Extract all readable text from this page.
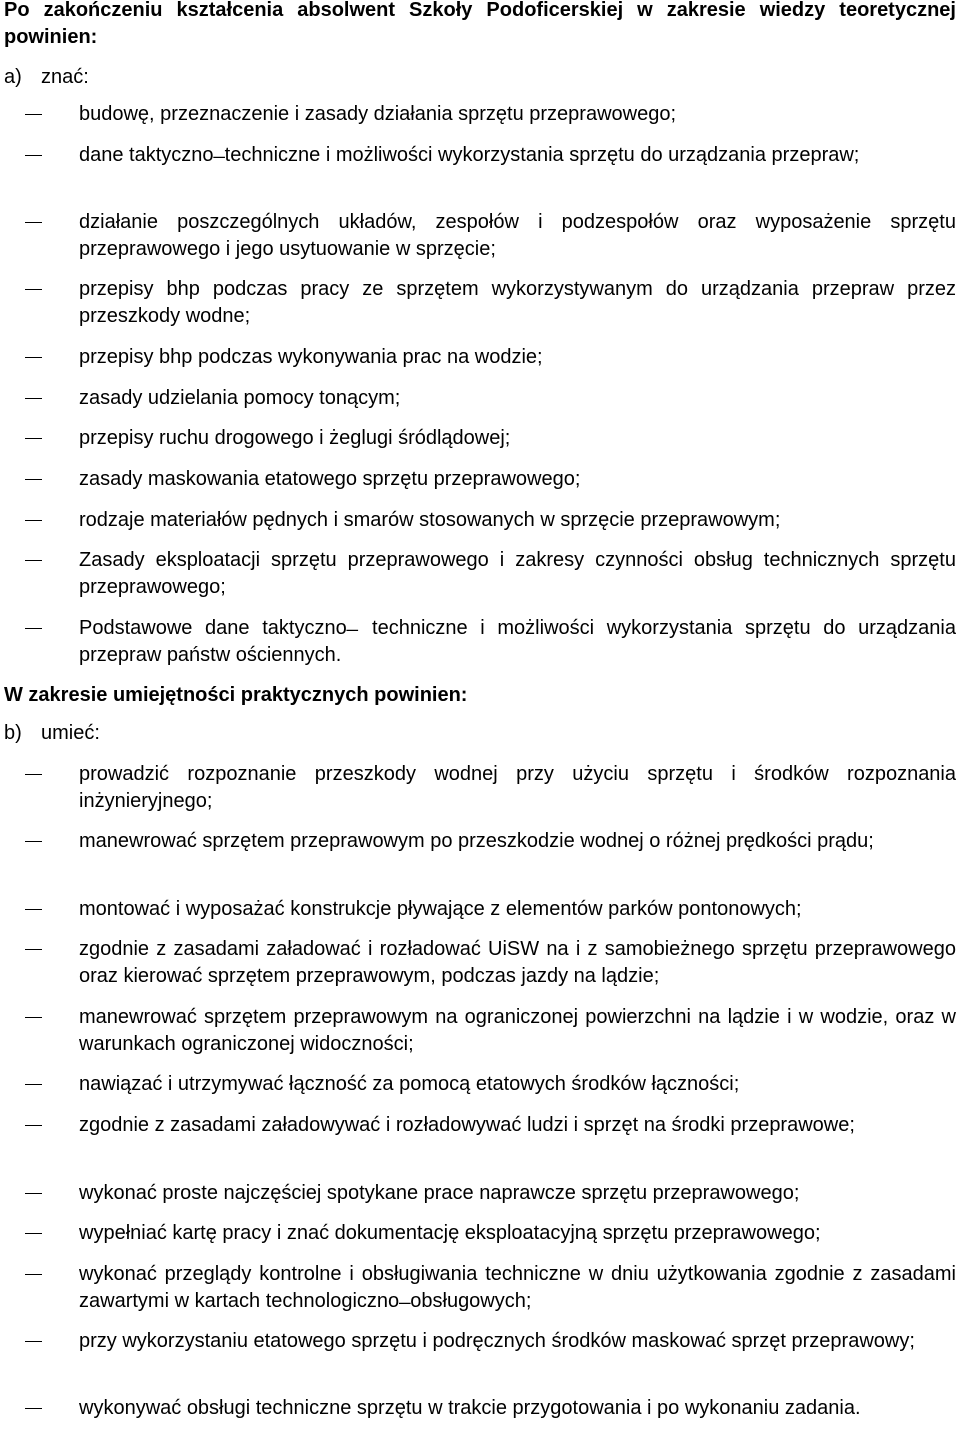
Po zakończeniu kształcenia absolwent Szkoły Podoficerskiej w zakresie wiedzy teoretycznej powinien:
a) znać:
budowę, przeznaczenie i zasady działania sprzętu przeprawowego;
dane taktyczno ̶ techniczne i możliwości wykorzystania sprzętu do urządzania przepraw;
działanie poszczególnych układów, zespołów i podzespołów oraz wyposażenie sprzętu przeprawowego i jego usytuowanie w sprzęcie;
przepisy bhp podczas pracy ze sprzętem wykorzystywanym do urządzania przepraw przez przeszkody wodne;
przepisy bhp podczas wykonywania prac na wodzie;
zasady udzielania pomocy tonącym;
przepisy ruchu drogowego i żeglugi śródlądowej;
zasady maskowania etatowego sprzętu przeprawowego;
rodzaje materiałów pędnych i smarów stosowanych w sprzęcie przeprawowym;
Zasady eksploatacji sprzętu przeprawowego i zakresy czynności obsług technicznych sprzętu przeprawowego;
Podstawowe dane taktyczno ̶ techniczne i możliwości wykorzystania sprzętu do urządzania przepraw państw ościennych.
W zakresie umiejętności praktycznych powinien:
b) umieć:
prowadzić rozpoznanie przeszkody wodnej przy użyciu sprzętu i środków rozpoznania inżynieryjnego;
manewrować sprzętem przeprawowym po przeszkodzie wodnej o różnej prędkości prądu;
montować i wyposażać konstrukcje pływające z elementów parków pontonowych;
zgodnie z zasadami załadować i rozładować UiSW na i z samobieżnego sprzętu przeprawowego oraz kierować sprzętem przeprawowym, podczas jazdy na lądzie;
manewrować sprzętem przeprawowym na ograniczonej powierzchni na lądzie i w wodzie, oraz w warunkach ograniczonej widoczności;
nawiązać i utrzymywać łączność za pomocą etatowych środków łączności;
zgodnie z zasadami załadowywać i rozładowywać ludzi i sprzęt na środki przeprawowe;
wykonać proste najczęściej spotykane prace naprawcze sprzętu przeprawowego;
wypełniać kartę pracy i znać dokumentację eksploatacyjną sprzętu przeprawowego;
wykonać przeglądy kontrolne i obsługiwania techniczne w dniu użytkowania zgodnie z zasadami zawartymi w kartach technologiczno ̶ obsługowych;
przy wykorzystaniu etatowego sprzętu i podręcznych środków maskować sprzęt przeprawowy;
wykonywać obsługi techniczne sprzętu w trakcie przygotowania i po wykonaniu zadania.
